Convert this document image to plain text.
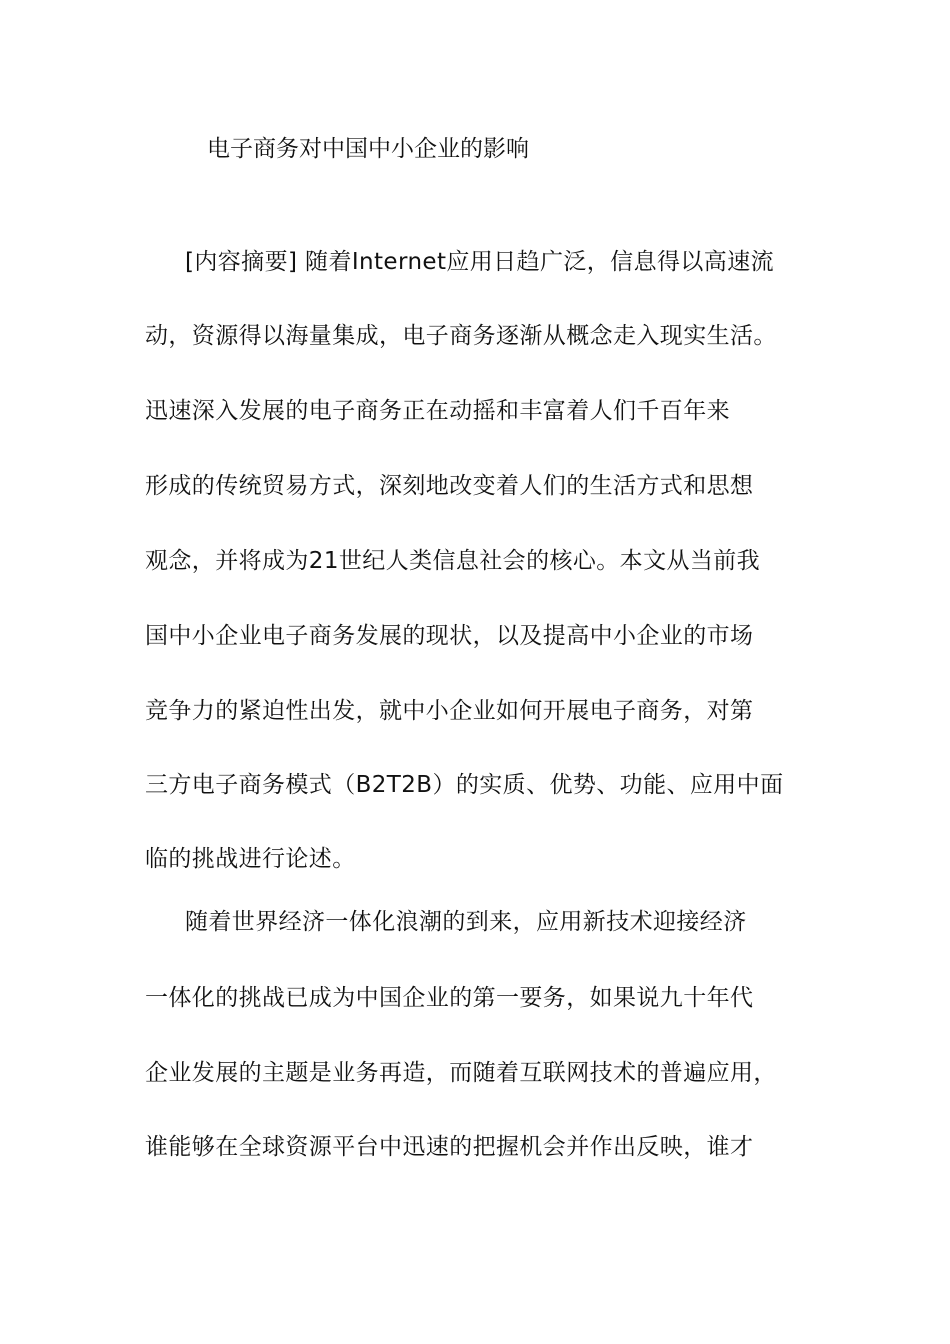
电子商务对中国中小企业的影响
[内容摘要] 随着Internet应用日趋广泛，信息得以高速流
动，资源得以海量集成，电子商务逐渐从概念走入现实生活。
迅速深入发展的电子商务正在动摇和丰富着人们千百年来
形成的传统贸易方式，深刻地改变着人们的生活方式和思想
观念，并将成为21世纪人类信息社会的核心。本文从当前我
国中小企业电子商务发展的现状，以及提高中小企业的市场
竞争力的紧迫性出发，就中小企业如何开展电子商务，对第
三方电子商务模式（B2T2B）的实质、优势、功能、应用中面
临的挑战进行论述。
随着世界经济一体化浪潮的到来，应用新技术迎接经济
一体化的挑战已成为中国企业的第一要务，如果说九十年代
企业发展的主题是业务再造，而随着互联网技术的普遍应用，
谁能够在全球资源平台中迅速的把握机会并作出反映，谁才
